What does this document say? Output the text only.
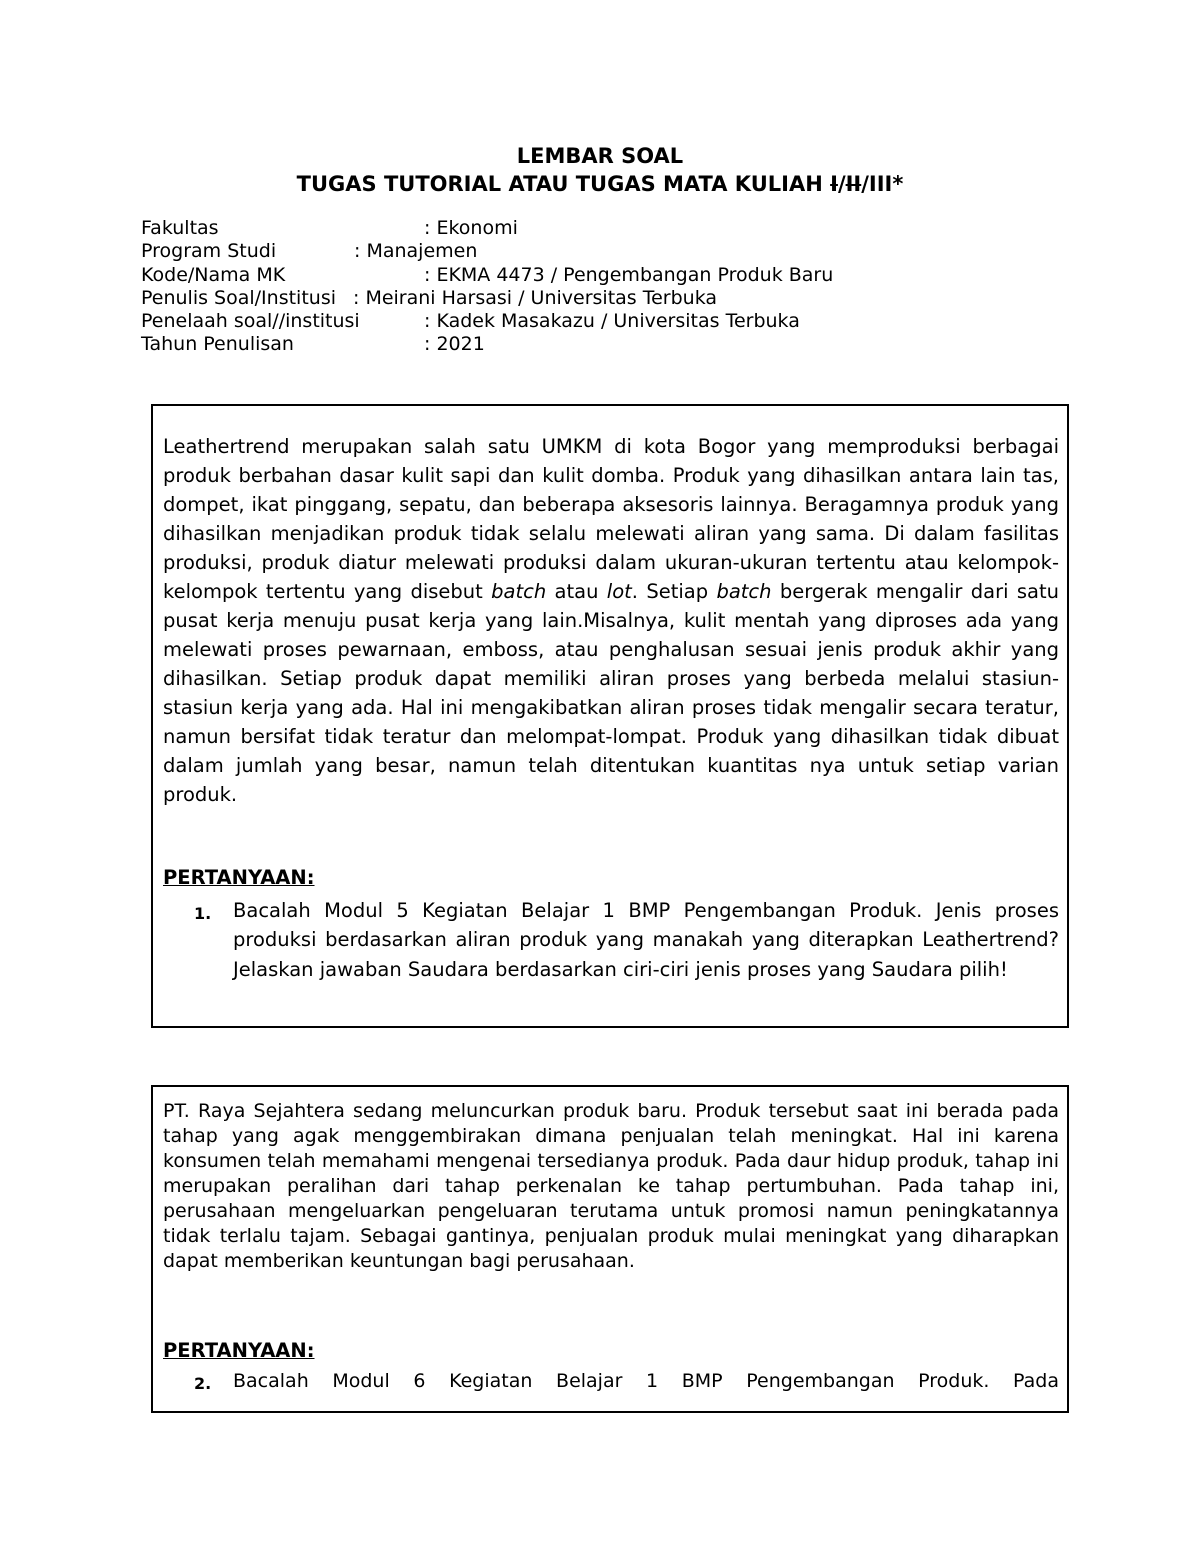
LEMBAR SOAL
TUGAS TUTORIAL ATAU TUGAS MATA KULIAH I/II/III*
Fakultas	: Ekonomi
Program Studi	: Manajemen
Kode/Nama MK	: EKMA 4473 / Pengembangan Produk Baru
Penulis Soal/Institusi : Meirani Harsasi / Universitas Terbuka
Penelaah soal//institusi	: Kadek Masakazu / Universitas Terbuka
Tahun Penulisan	: 2021
Leathertrend merupakan salah satu UMKM di kota Bogor yang memproduksi berbagai produk berbahan dasar kulit sapi dan kulit domba. Produk yang dihasilkan antara lain tas, dompet, ikat pinggang, sepatu, dan beberapa aksesoris lainnya. Beragamnya produk yang dihasilkan menjadikan produk tidak selalu melewati aliran yang sama. Di dalam fasilitas produksi, produk diatur melewati produksi dalam ukuran-ukuran tertentu atau kelompok-kelompok tertentu yang disebut batch atau lot. Setiap batch bergerak mengalir dari satu pusat kerja menuju pusat kerja yang lain.Misalnya, kulit mentah yang diproses ada yang melewati proses pewarnaan, emboss, atau penghalusan sesuai jenis produk akhir yang dihasilkan. Setiap produk dapat memiliki aliran proses yang berbeda melalui stasiun-stasiun kerja yang ada. Hal ini mengakibatkan aliran proses tidak mengalir secara teratur, namun bersifat tidak teratur dan melompat-lompat. Produk yang dihasilkan tidak dibuat dalam jumlah yang besar, namun telah ditentukan kuantitas nya untuk setiap varian produk.
PERTANYAAN:
1. Bacalah Modul 5 Kegiatan Belajar 1 BMP Pengembangan Produk. Jenis proses produksi berdasarkan aliran produk yang manakah yang diterapkan Leathertrend? Jelaskan jawaban Saudara berdasarkan ciri-ciri jenis proses yang Saudara pilih!
PT. Raya Sejahtera sedang meluncurkan produk baru. Produk tersebut saat ini berada pada tahap yang agak menggembirakan dimana penjualan telah meningkat. Hal ini karena konsumen telah memahami mengenai tersedianya produk. Pada daur hidup produk, tahap ini merupakan peralihan dari tahap perkenalan ke tahap pertumbuhan. Pada tahap ini, perusahaan mengeluarkan pengeluaran terutama untuk promosi namun peningkatannya tidak terlalu tajam. Sebagai gantinya, penjualan produk mulai meningkat yang diharapkan dapat memberikan keuntungan bagi perusahaan.
PERTANYAAN:
2. Bacalah Modul 6 Kegiatan Belajar 1 BMP Pengembangan Produk. Pada
